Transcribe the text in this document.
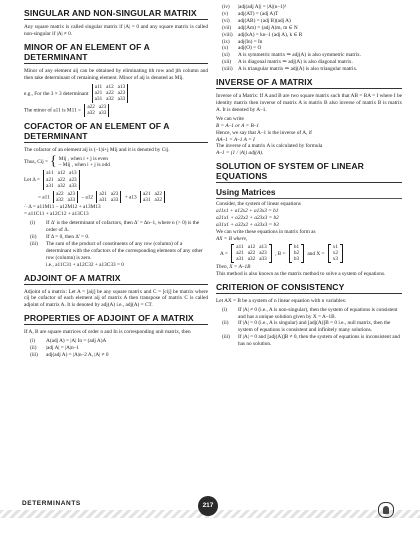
SINGULAR AND NON-SINGULAR MATRIX

Any square matrix is called singular matrix if |A| = 0 and any square matrix is called non-singular if |A| ≠ 0.

MINOR OF AN ELEMENT OF A DETERMINANT

Minor of any element aij can be obtained by eliminating ith row and jth column and then take determinant of remaining element. Minor of aij is denoted as Mij.

e.g., For the 3 × 3 determinant
a11	a12	a13
a21	a22	a23
a31	a32	a33
The minor of a11 is M11 =
a22	a23
a32	a33
COFACTOR OF AN ELEMENT OF A DETERMINANT

The cofactor of an element aij is (–1)i+j Mij and it is denoted by Cij.

Thus, Cij = { Mij , when i + j is even
– Mij , when i + j is odd
Let Δ =
a11	a12	a13
a21	a22	a23
a31	a32	a33
= a11
a22	a23
a32	a33 – a12
a21	a23
a31	a33 + a13
a21	a22
a31	a32
∴ Δ = a11M11 – a12M12 + a13M13
= a11C11 + a12C12 + a13C13
(i)	If Δ' is the determinant of cofactors, then Δ' = Δn–1, where n (> 0) is the order of Δ.
(ii)	If Δ = 0, then Δ' = 0.
(iii)	The sum of the product of constituents of any row (column) of a determinant with the cofactors of the corresponding elements of any other row (column) is zero.
i.e., a11C31 + a12C32 + a13C33 = 0
ADJOINT OF A MATRIX

Adjoint of a matrix: Let A = [aij] be any square matrix and C = [cij] be matrix where cij be cofactor of each element aij of matrix A then transpose of matrix C is called adjoint of matrix A. It is denoted by adj(A) i.e., adj(A) = CT.

PROPERTIES OF ADJOINT OF A MATRIX

If A, B are square matrices of order n and In is corresponding unit matrix, then

(i)	A(adj A) = |A| In = (adj A)A
(ii)	|adj A| = |A|n–1
(iii)	adj(adj A) = |A|n–2 A, |A| ≠ 0
(iv)	|adj(adj A)| = |A|(n–1)²
(v)	adj(AT) = (adj A)T
(vi)	adj(AB) = (adj B)(adj A)
(vii)	adj(Am) = (adj A)m, m ∈ N
(viii)	adj(kA) = kn–1 (adj A), k ∈ R
(ix)	adj(In) = In
(x)	adj(O) = O
(xi)	A is symmetric matrix ⇒ adj(A) is also symmetric matrix.
(xii)	A is diagonal matrix ⇒ adj(A) is also diagonal matrix.
(xiii)	A is triangular matrix ⇒ adj(A) is also triangular matrix.
INVERSE OF A MATRIX

Inverse of a Matrix: If A and B are two square matrix such that AB = BA = I where I be identity matrix then inverse of matrix A is matrix B also inverse of matrix B is matrix A. It is denoted by A–1.

We can write
B = A–1 or A = B–1
Hence, we say that A–1 is the inverse of A, if
AA–1 = A–1 A = I
The inverse of a matrix A is calculated by formula
A–1 = (1 / |A|) adj(A).
SOLUTION OF SYSTEM OF LINEAR EQUATIONS
Using Matrices
Consider, the system of linear equations
a11x1 + a12x2 + a13x3 = b1
a21x1 + a22x2 + a23x3 = b2
a31x1 + a32x2 + a33x3 = b3
We can write these equations in matrix form as
AX = B where,
A =
a11	a12	a13
a21	a22	a23
a31	a32	a33
, B =
b1
b2
b3
and X =
x1
x2
x3
Then, X = A–1B

This method is also known as the matrix method to solve a system of equations.

CRITERION OF CONSISTENCY

Let AX = B be a system of n linear equation with n variables:

(i)	If |A| ≠ 0 (i.e., A is non-singular), then the system of equations is consistent and has a unique solution given by X = A–1B.
(ii)	If |A| = 0 (i.e., A is singular) and [adj(A)]B = 0 i.e., null matrix, then the system of equations is consistent and infinitely many solutions.
(iii)	If |A| = 0 and [adj(A)]B ≠ 0, then the system of equations is inconsistent and has no solution.
DETERMINANTS	217
